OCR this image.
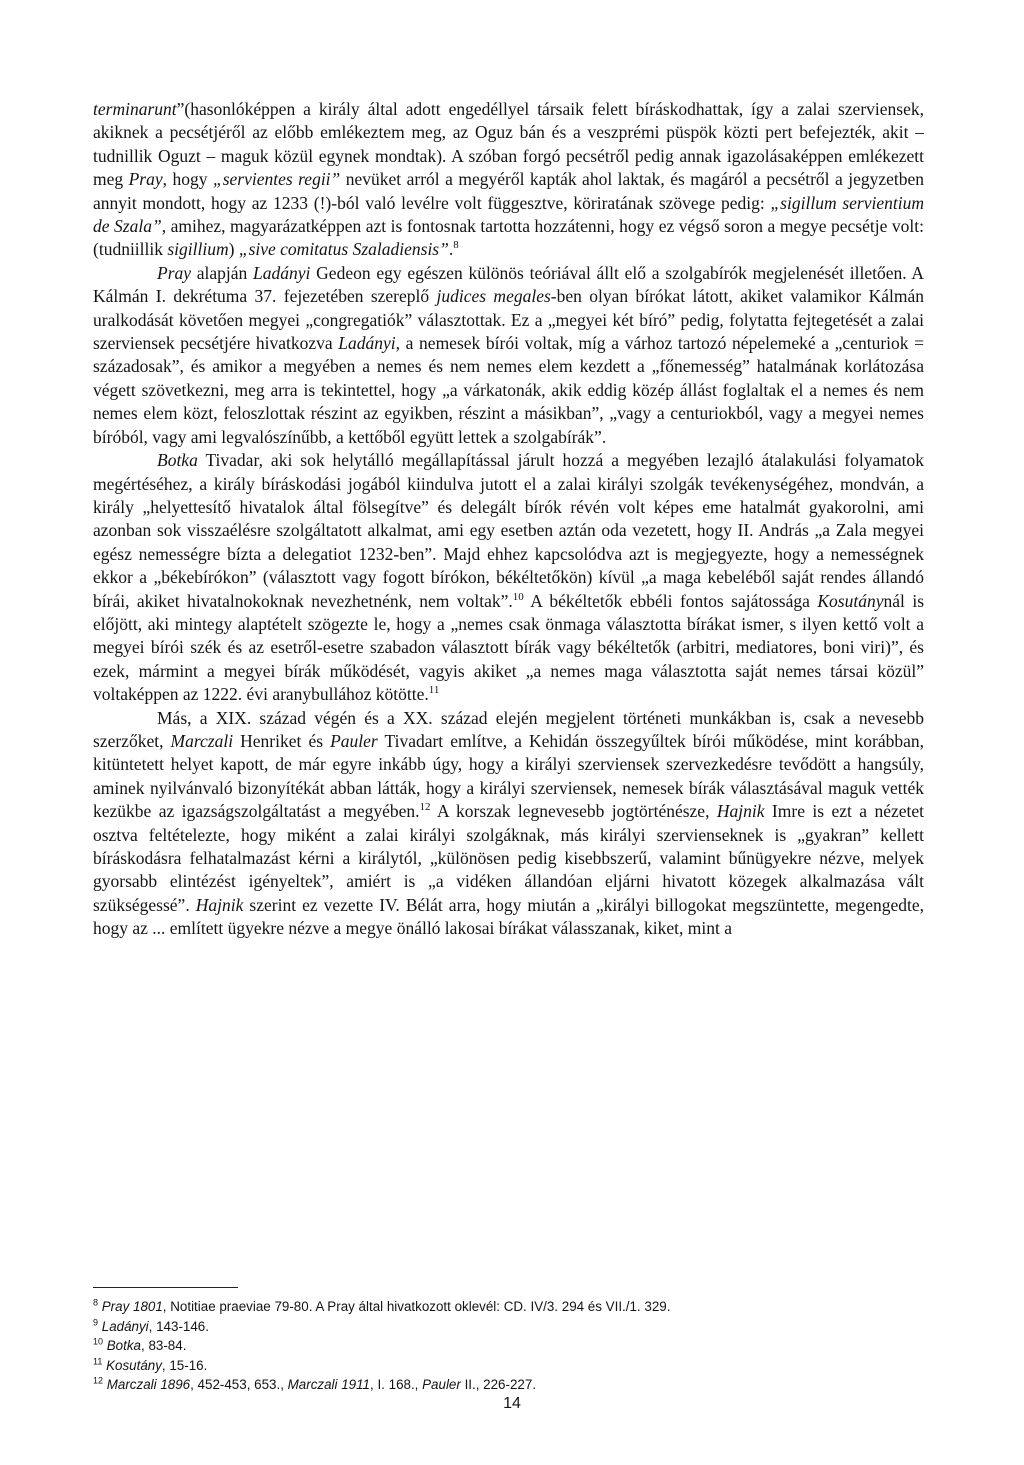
terminarunt”(hasonlóképpen a király által adott engedéllyel társaik felett bíráskodhattak, így a zalai szerviensek, akiknek a pecsétjéről az előbb emlékeztem meg, az Oguz bán és a veszprémi püspök közti pert befejezték, akit – tudnillik Oguzt – maguk közül egynek mondtak). A szóban forgó pecsétről pedig annak igazolásaképpen emlékezett meg Pray, hogy „servientes regii” nevüket arról a megyéről kapták ahol laktak, és magáról a pecsétről a jegyzetben annyit mondott, hogy az 1233 (!)-ból való levélre volt függesztve, köriratának szövege pedig: „sigillum servientium de Szala”, amihez, magyarázatképpen azt is fontosnak tartotta hozzátenni, hogy ez végső soron a megye pecsétje volt: (tudniillik sigillium) „sive comitatus Szaladiensis”.$^8$

Pray alapján Ladányi Gedeon egy egészen különös teóriával állt elő a szolgabírók megjelenését illetően. A Kálmán I. dekrétuma 37. fejezetében szereplő judices megales-ben olyan bírókat látott, akiket valamikor Kálmán uralkodását követően megyei „congregatiók” választottak. Ez a „megyei két bíró” pedig, folytatta fejtegetését a zalai szerviensek pecsétjére hivatkozva Ladányi, a nemesek bírói voltak, míg a várhoz tartozó népelemeké a „centuriok = századosak”, és amikor a megyében a nemes és nem nemes elem kezdett a „főnemesség” hatalmának korlátozása végett szövetkezni, meg arra is tekintettel, hogy „a várkatonák, akik eddig közép állást foglaltak el a nemes és nem nemes elem közt, feloszlottak részint az egyikben, részint a másikban”, „vagy a centuriokból, vagy a megyei nemes bíróból, vagy ami legvalószínűbb, a kettőből együtt lettek a szolgabírák”.

Botka Tivadar, aki sok helytálló megállapítással járult hozzá a megyében lezajló átalakulási folyamatok megértéséhez, a király bíráskodási jogából kiindulva jutott el a zalai királyi szolgák tevékenységéhez, mondván, a király „helyettesítő hivatalok által fölsegítve” és delegált bírók révén volt képes eme hatalmát gyakorolni, ami azonban sok visszaélésre szolgáltatott alkalmat, ami egy esetben aztán oda vezetett, hogy II. András „a Zala megyei egész nemességre bízta a delegatiot 1232-ben”. Majd ehhez kapcsolódva azt is megjegyezte, hogy a nemességnek ekkor a „békebírókon” (választott vagy fogott bírókon, békéltetőkön) kívül „a maga kebeléből saját rendes állandó bírái, akiket hivatalnokoknak nevezhetnénk, nem voltak”.$^{10}$ A békéltetők ebbéli fontos sajátossága Kosutánynál is előjött, aki mintegy alaptételt szögezte le, hogy a „nemes csak önmaga választotta bírákat ismer, s ilyen kettő volt a megyei bírói szék és az esetről-esetre szabadon választott bírák vagy békéltetők (arbitri, mediatores, boni viri)”, és ezek, mármint a megyei bírák működését, vagyis akiket „a nemes maga választotta saját nemes társai közül” voltaképpen az 1222. évi aranybullához kötötte.$^{11}$

Más, a XIX. század végén és a XX. század elején megjelent történeti munkákban is, csak a nevesebb szerzőket, Marczali Henriket és Pauler Tivadart említve, a Kehidán összegyűltek bírói működése, mint korábban, kitüntetett helyet kapott, de már egyre inkább úgy, hogy a királyi szerviensek szervezkedésre tevődött a hangsúly, aminek nyilvánvaló bizonyítékát abban látták, hogy a királyi szerviensek, nemesek bírák választásával maguk vették kezükbe az igazságszolgáltatást a megyében.$^{12}$ A korszak legnevesebb jogtörténésze, Hajnik Imre is ezt a nézetet osztva feltételezte, hogy miként a zalai királyi szolgáknak, más királyi szervienseknek is „gyakran” kellett bíráskodásra felhatalmazást kérni a királytól, „különösen pedig kisebbszerű, valamint bűnügyekre nézve, melyek gyorsabb elintézést igényeltek”, amiért is „a vidéken állandóan eljárni hivatott közegek alkalmazása vált szükségessé”. Hajnik szerint ez vezette IV. Bélát arra, hogy miután a „királyi billogokat megszüntette, megengedte, hogy az ... említett ügyekre nézve a megye önálló lakosai bírákat válasszanak, kiket, mint a

$^8$ Pray 1801, Notitiae praeviae 79-80. A Pray által hivatkozott oklevél: CD. IV/3. 294 és VII./1. 329.
$^9$ Ladányi, 143-146.
$^{10}$ Botka, 83-84.
$^{11}$ Kosutány, 15-16.
$^{12}$ Marczali 1896, 452-453, 653., Marczali 1911, I. 168., Pauler II., 226-227.
14
